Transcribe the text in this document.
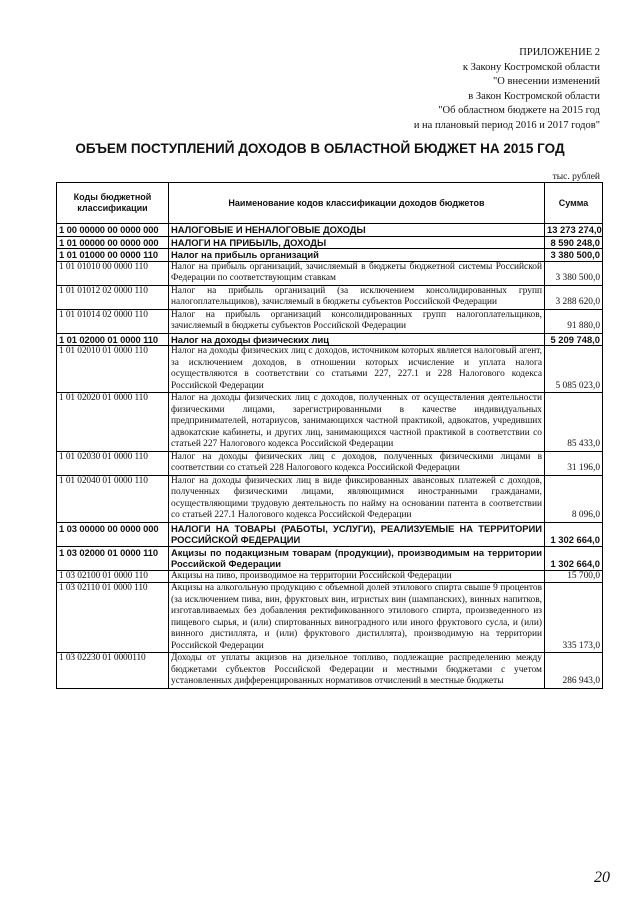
ПРИЛОЖЕНИЕ 2
к Закону Костромской области
"О внесении изменений
в Закон Костромской области
"Об областном бюджете на 2015 год
и на плановый период 2016 и 2017 годов"
ОБЪЕМ ПОСТУПЛЕНИЙ ДОХОДОВ В ОБЛАСТНОЙ БЮДЖЕТ НА 2015 ГОД
тыс. рублей
Коды бюджетной классификации	Наименование кодов классификации доходов бюджетов	Сумма
1 00 00000 00 0000 000	НАЛОГОВЫЕ И НЕНАЛОГОВЫЕ ДОХОДЫ	13 273 274,0
1 01 00000 00 0000 000	НАЛОГИ НА ПРИБЫЛЬ, ДОХОДЫ	8 590 248,0
1 01 01000 00 0000 110	Налог на прибыль организаций	3 380 500,0
1 01 01010 00 0000 110	Налог на прибыль организаций, зачисляемый в бюджеты бюджетной системы Российской Федерации по соответствующим ставкам	3 380 500,0
1 01 01012 02 0000 110	Налог на прибыль организаций (за исключением консолидированных групп налогоплательщиков), зачисляемый в бюджеты субъектов Российской Федерации	3 288 620,0
1 01 01014 02 0000 110	Налог на прибыль организаций консолидированных групп налогоплательщиков, зачисляемый в бюджеты субъектов Российской Федерации	91 880,0
1 01 02000 01 0000 110	Налог на доходы физических лиц	5 209 748,0
1 01 02010 01 0000 110	Налог на доходы физических лиц с доходов, источником которых является налоговый агент, за исключением доходов, в отношении которых исчисление и уплата налога осуществляются в соответствии со статьями 227, 227.1 и 228 Налогового кодекса Российской Федерации	5 085 023,0
1 01 02020 01 0000 110	Налог на доходы физических лиц с доходов, полученных от осуществления деятельности физическими лицами, зарегистрированными в качестве индивидуальных предпринимателей, нотариусов, занимающихся частной практикой, адвокатов, учредивших адвокатские кабинеты, и других лиц, занимающихся частной практикой в соответствии со статьей 227 Налогового кодекса Российской Федерации	85 433,0
1 01 02030 01 0000 110	Налог на доходы физических лиц с доходов, полученных физическими лицами в соответствии со статьей 228 Налогового кодекса Российской Федерации	31 196,0
1 01 02040 01 0000 110	Налог на доходы физических лиц в виде фиксированных авансовых платежей с доходов, полученных физическими лицами, являющимися иностранными гражданами, осуществляющими трудовую деятельность по найму на основании патента в соответствии со статьей 227.1 Налогового кодекса Российской Федерации	8 096,0
1 03 00000 00 0000 000	НАЛОГИ НА ТОВАРЫ (РАБОТЫ, УСЛУГИ), РЕАЛИЗУЕМЫЕ НА ТЕРРИТОРИИ РОССИЙСКОЙ ФЕДЕРАЦИИ	1 302 664,0
1 03 02000 01 0000 110	Акцизы по подакцизным товарам (продукции), производимым на территории Российской Федерации	1 302 664,0
1 03 02100 01 0000 110	Акцизы на пиво, производимое на территории Российской Федерации	15 700,0
1 03 02110 01 0000 110	Акцизы на алкогольную продукцию с объемной долей этилового спирта свыше 9 процентов (за исключением пива, вин, фруктовых вин, игристых вин (шампанских), винных напитков, изготавливаемых без добавления ректификованного этилового спирта, произведенного из пищевого сырья, и (или) спиртованных виноградного или иного фруктового сусла, и (или) винного дистиллята, и (или) фруктового дистиллята), производимую на территории Российской Федерации	335 173,0
1 03 02230 01 0000110	Доходы от уплаты акцизов на дизельное топливо, подлежащие распределению между бюджетами субъектов Российской Федерации и местными бюджетами с учетом установленных дифференцированных нормативов отчислений в местные бюджеты	286 943,0
20
